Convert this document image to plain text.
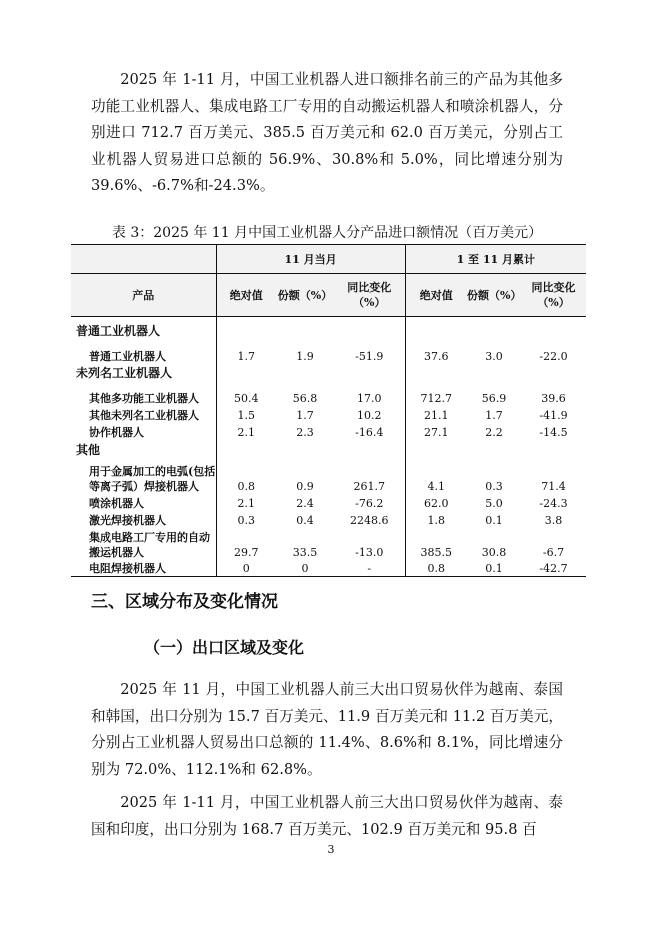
2025 年 1-11 月，中国工业机器人进口额排名前三的产品为其他多功能工业机器人、集成电路工厂专用的自动搬运机器人和喷涂机器人，分别进口 712.7 百万美元、385.5 百万美元和 62.0 百万美元，分别占工业机器人贸易进口总额的 56.9%、30.8%和 5.0%，同比增速分别为 39.6%、-6.7%和-24.3%。

表 3：2025 年 11 月中国工业机器人分产品进口额情况（百万美元）
	11 月当月			1 至 11 月累计		
产品	绝对值	份额（%）	同比变化（%）	绝对值	份额（%）	同比变化（%）
普通工业机器人						
普通工业机器人	1.7	1.9	-51.9	37.6	3.0	-22.0
未列名工业机器人						
其他多功能工业机器人	50.4	56.8	17.0	712.7	56.9	39.6
其他未列名工业机器人	1.5	1.7	10.2	21.1	1.7	-41.9
协作机器人	2.1	2.3	-16.4	27.1	2.2	-14.5
其他						
用于金属加工的电弧(包括等离子弧）焊接机器人	0.8	0.9	261.7	4.1	0.3	71.4
喷涂机器人	2.1	2.4	-76.2	62.0	5.0	-24.3
激光焊接机器人	0.3	0.4	2248.6	1.8	0.1	3.8
集成电路工厂专用的自动搬运机器人	29.7	33.5	-13.0	385.5	30.8	-6.7
电阻焊接机器人	0	0	-	0.8	0.1	-42.7
三、区域分布及变化情况
（一）出口区域及变化

2025 年 11 月，中国工业机器人前三大出口贸易伙伴为越南、泰国和韩国，出口分别为 15.7 百万美元、11.9 百万美元和 11.2 百万美元，分别占工业机器人贸易出口总额的 11.4%、8.6%和 8.1%，同比增速分别为 72.0%、112.1%和 62.8%。

2025 年 1-11 月，中国工业机器人前三大出口贸易伙伴为越南、泰国和印度，出口分别为 168.7 百万美元、102.9 百万美元和 95.8 百

3
